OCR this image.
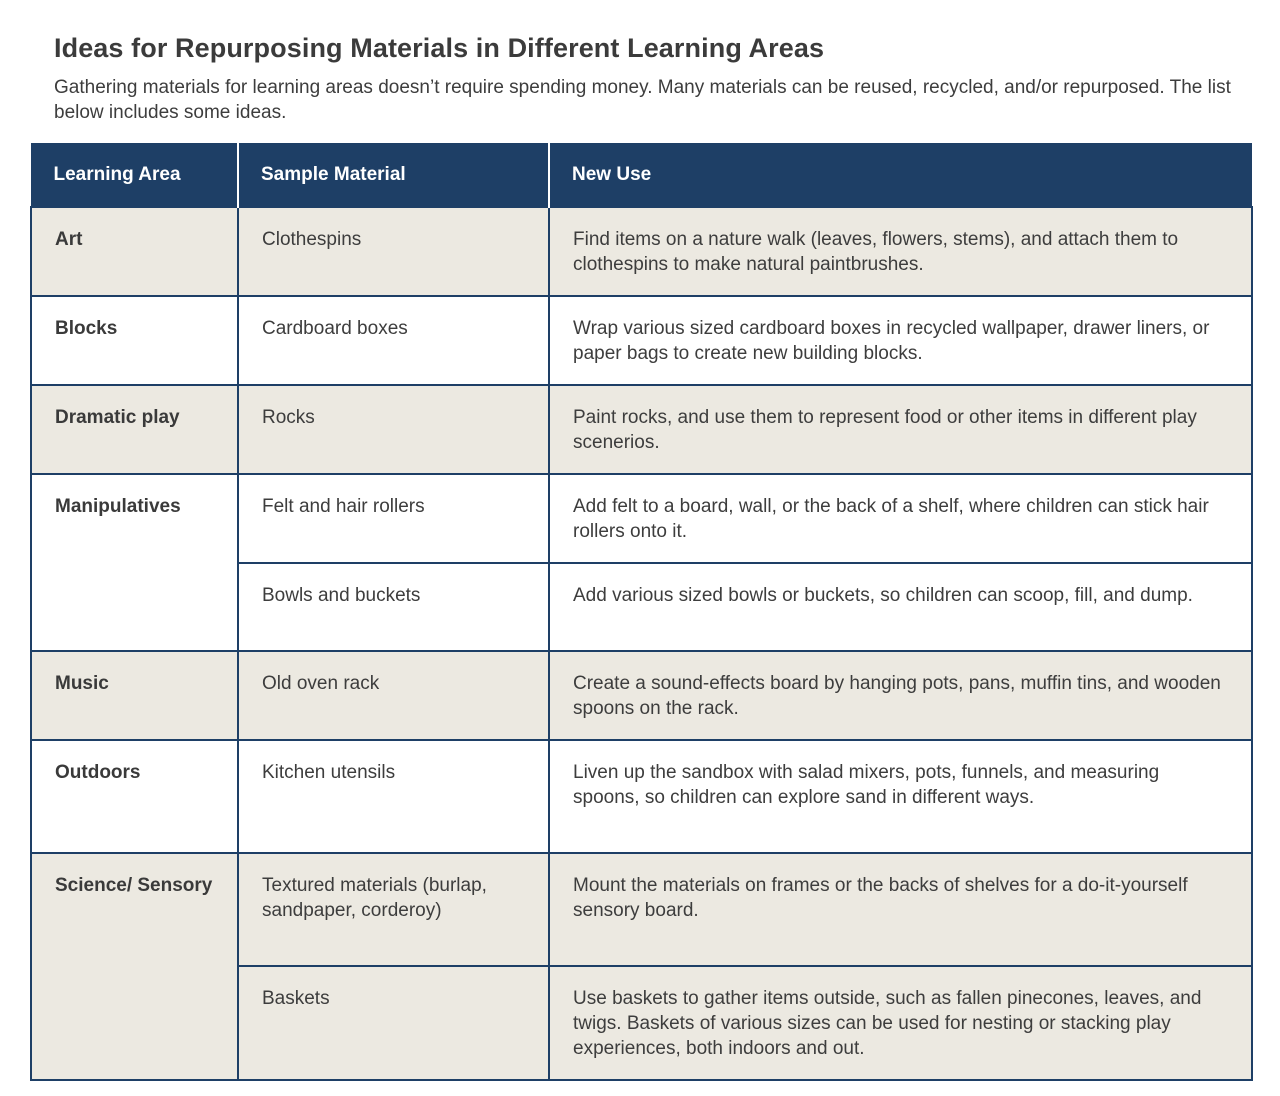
Ideas for Repurposing Materials in Different Learning Areas

Gathering materials for learning areas doesn’t require spending money. Many materials can be reused, recycled, and/or repurposed. The list below includes some ideas.

Learning Area	Sample Material	New Use
Art	Clothespins	Find items on a nature walk (leaves, flowers, stems), and attach them to clothespins to make natural paintbrushes.
Blocks	Cardboard boxes	Wrap various sized cardboard boxes in recycled wallpaper, drawer liners, or paper bags to create new building blocks.
Dramatic play	Rocks	Paint rocks, and use them to represent food or other items in different play scenerios.
Manipulatives	Felt and hair rollers	Add felt to a board, wall, or the back of a shelf, where children can stick hair rollers onto it.
	Bowls and buckets	Add various sized bowls or buckets, so children can scoop, fill, and dump.
Music	Old oven rack	Create a sound-effects board by hanging pots, pans, muffin tins, and wooden spoons on the rack.
Outdoors	Kitchen utensils	Liven up the sandbox with salad mixers, pots, funnels, and measuring spoons, so children can explore sand in different ways.
Science/ Sensory	Textured materials (burlap, sandpaper, corderoy)	Mount the materials on frames or the backs of shelves for a do-it-yourself sensory board.
	Baskets	Use baskets to gather items outside, such as fallen pinecones, leaves, and twigs. Baskets of various sizes can be used for nesting or stacking play experiences, both indoors and out.
